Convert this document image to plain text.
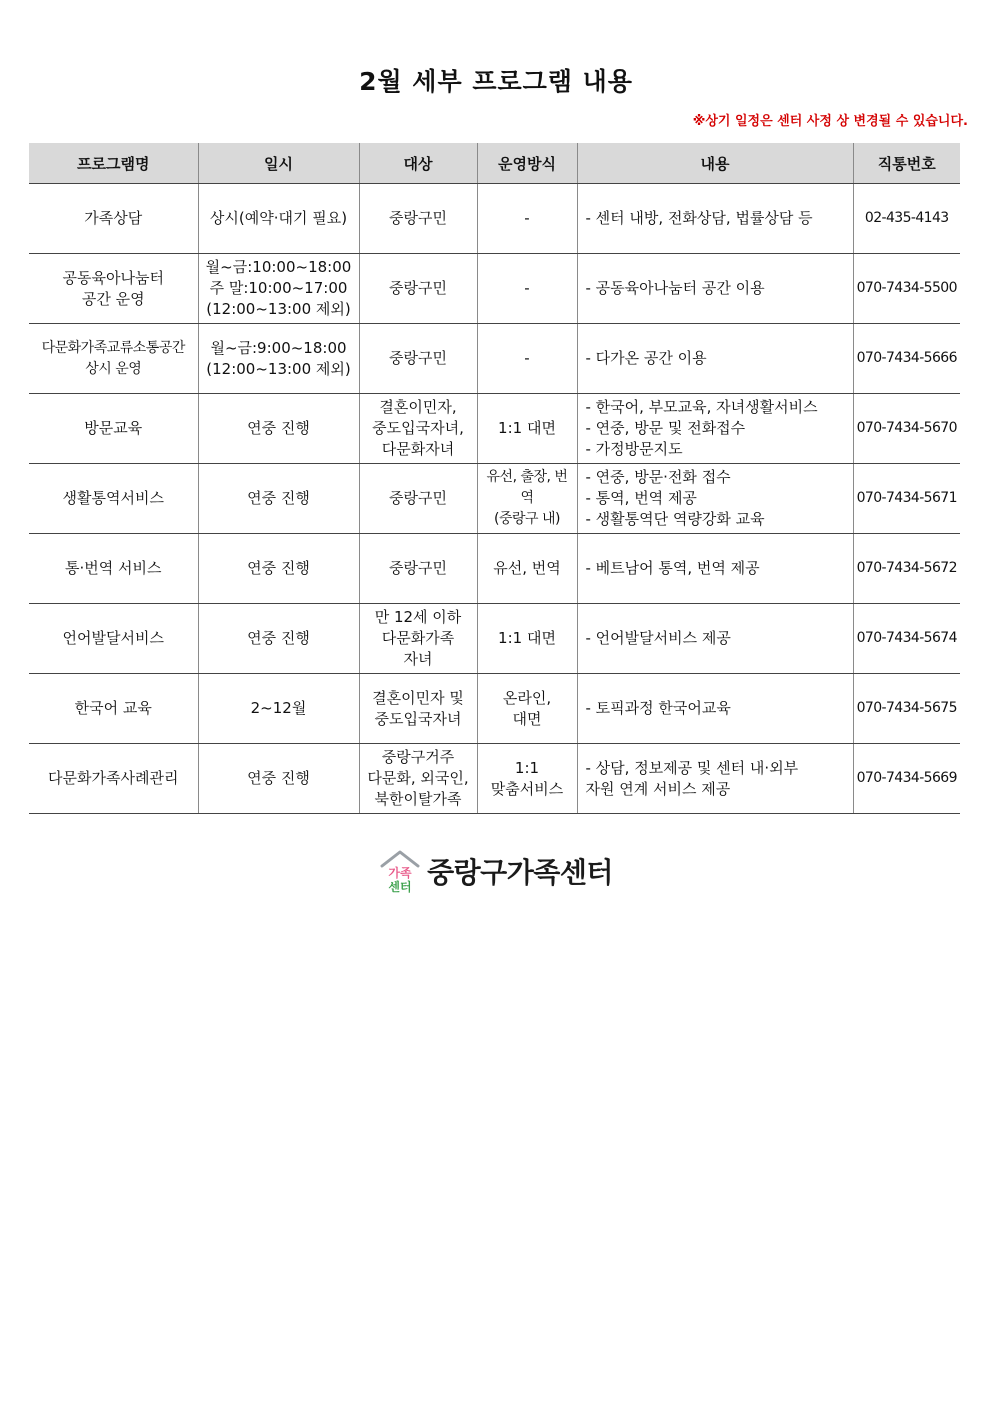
2월 세부 프로그램 내용
※상기 일정은 센터 사정 상 변경될 수 있습니다.
프로그램명	일시	대상	운영방식	내용	직통번호
가족상담	상시(예약·대기 필요)	중랑구민	-	- 센터 내방, 전화상담, 법률상담 등	02-435-4143
공동육아나눔터
공간 운영	월~금:10:00~18:00
주 말:10:00~17:00
(12:00~13:00 제외)	중랑구민	-	- 공동육아나눔터 공간 이용	070-7434-5500
다문화가족교류소통공간
상시 운영	월~금:9:00~18:00
(12:00~13:00 제외)	중랑구민	-	- 다가온 공간 이용	070-7434-5666
방문교육	연중 진행	결혼이민자,
중도입국자녀,
다문화자녀	1:1 대면	- 한국어, 부모교육, 자녀생활서비스
- 연중, 방문 및 전화접수
- 가정방문지도	070-7434-5670
생활통역서비스	연중 진행	중랑구민	유선, 출장, 번역
(중랑구 내)	- 연중, 방문·전화 접수
- 통역, 번역 제공
- 생활통역단 역량강화 교육	070-7434-5671
통·번역 서비스	연중 진행	중랑구민	유선, 번역	- 베트남어 통역, 번역 제공	070-7434-5672
언어발달서비스	연중 진행	만 12세 이하
다문화가족
자녀	1:1 대면	- 언어발달서비스 제공	070-7434-5674
한국어 교육	2~12월	결혼이민자 및
중도입국자녀	온라인,
대면	- 토픽과정 한국어교육	070-7434-5675
다문화가족사례관리	연중 진행	중랑구거주
다문화, 외국인,
북한이탈가족	1:1
맞춤서비스	- 상담, 정보제공 및 센터 내·외부
자원 연계 서비스 제공	070-7434-5669
가족
센터 중랑구가족센터
